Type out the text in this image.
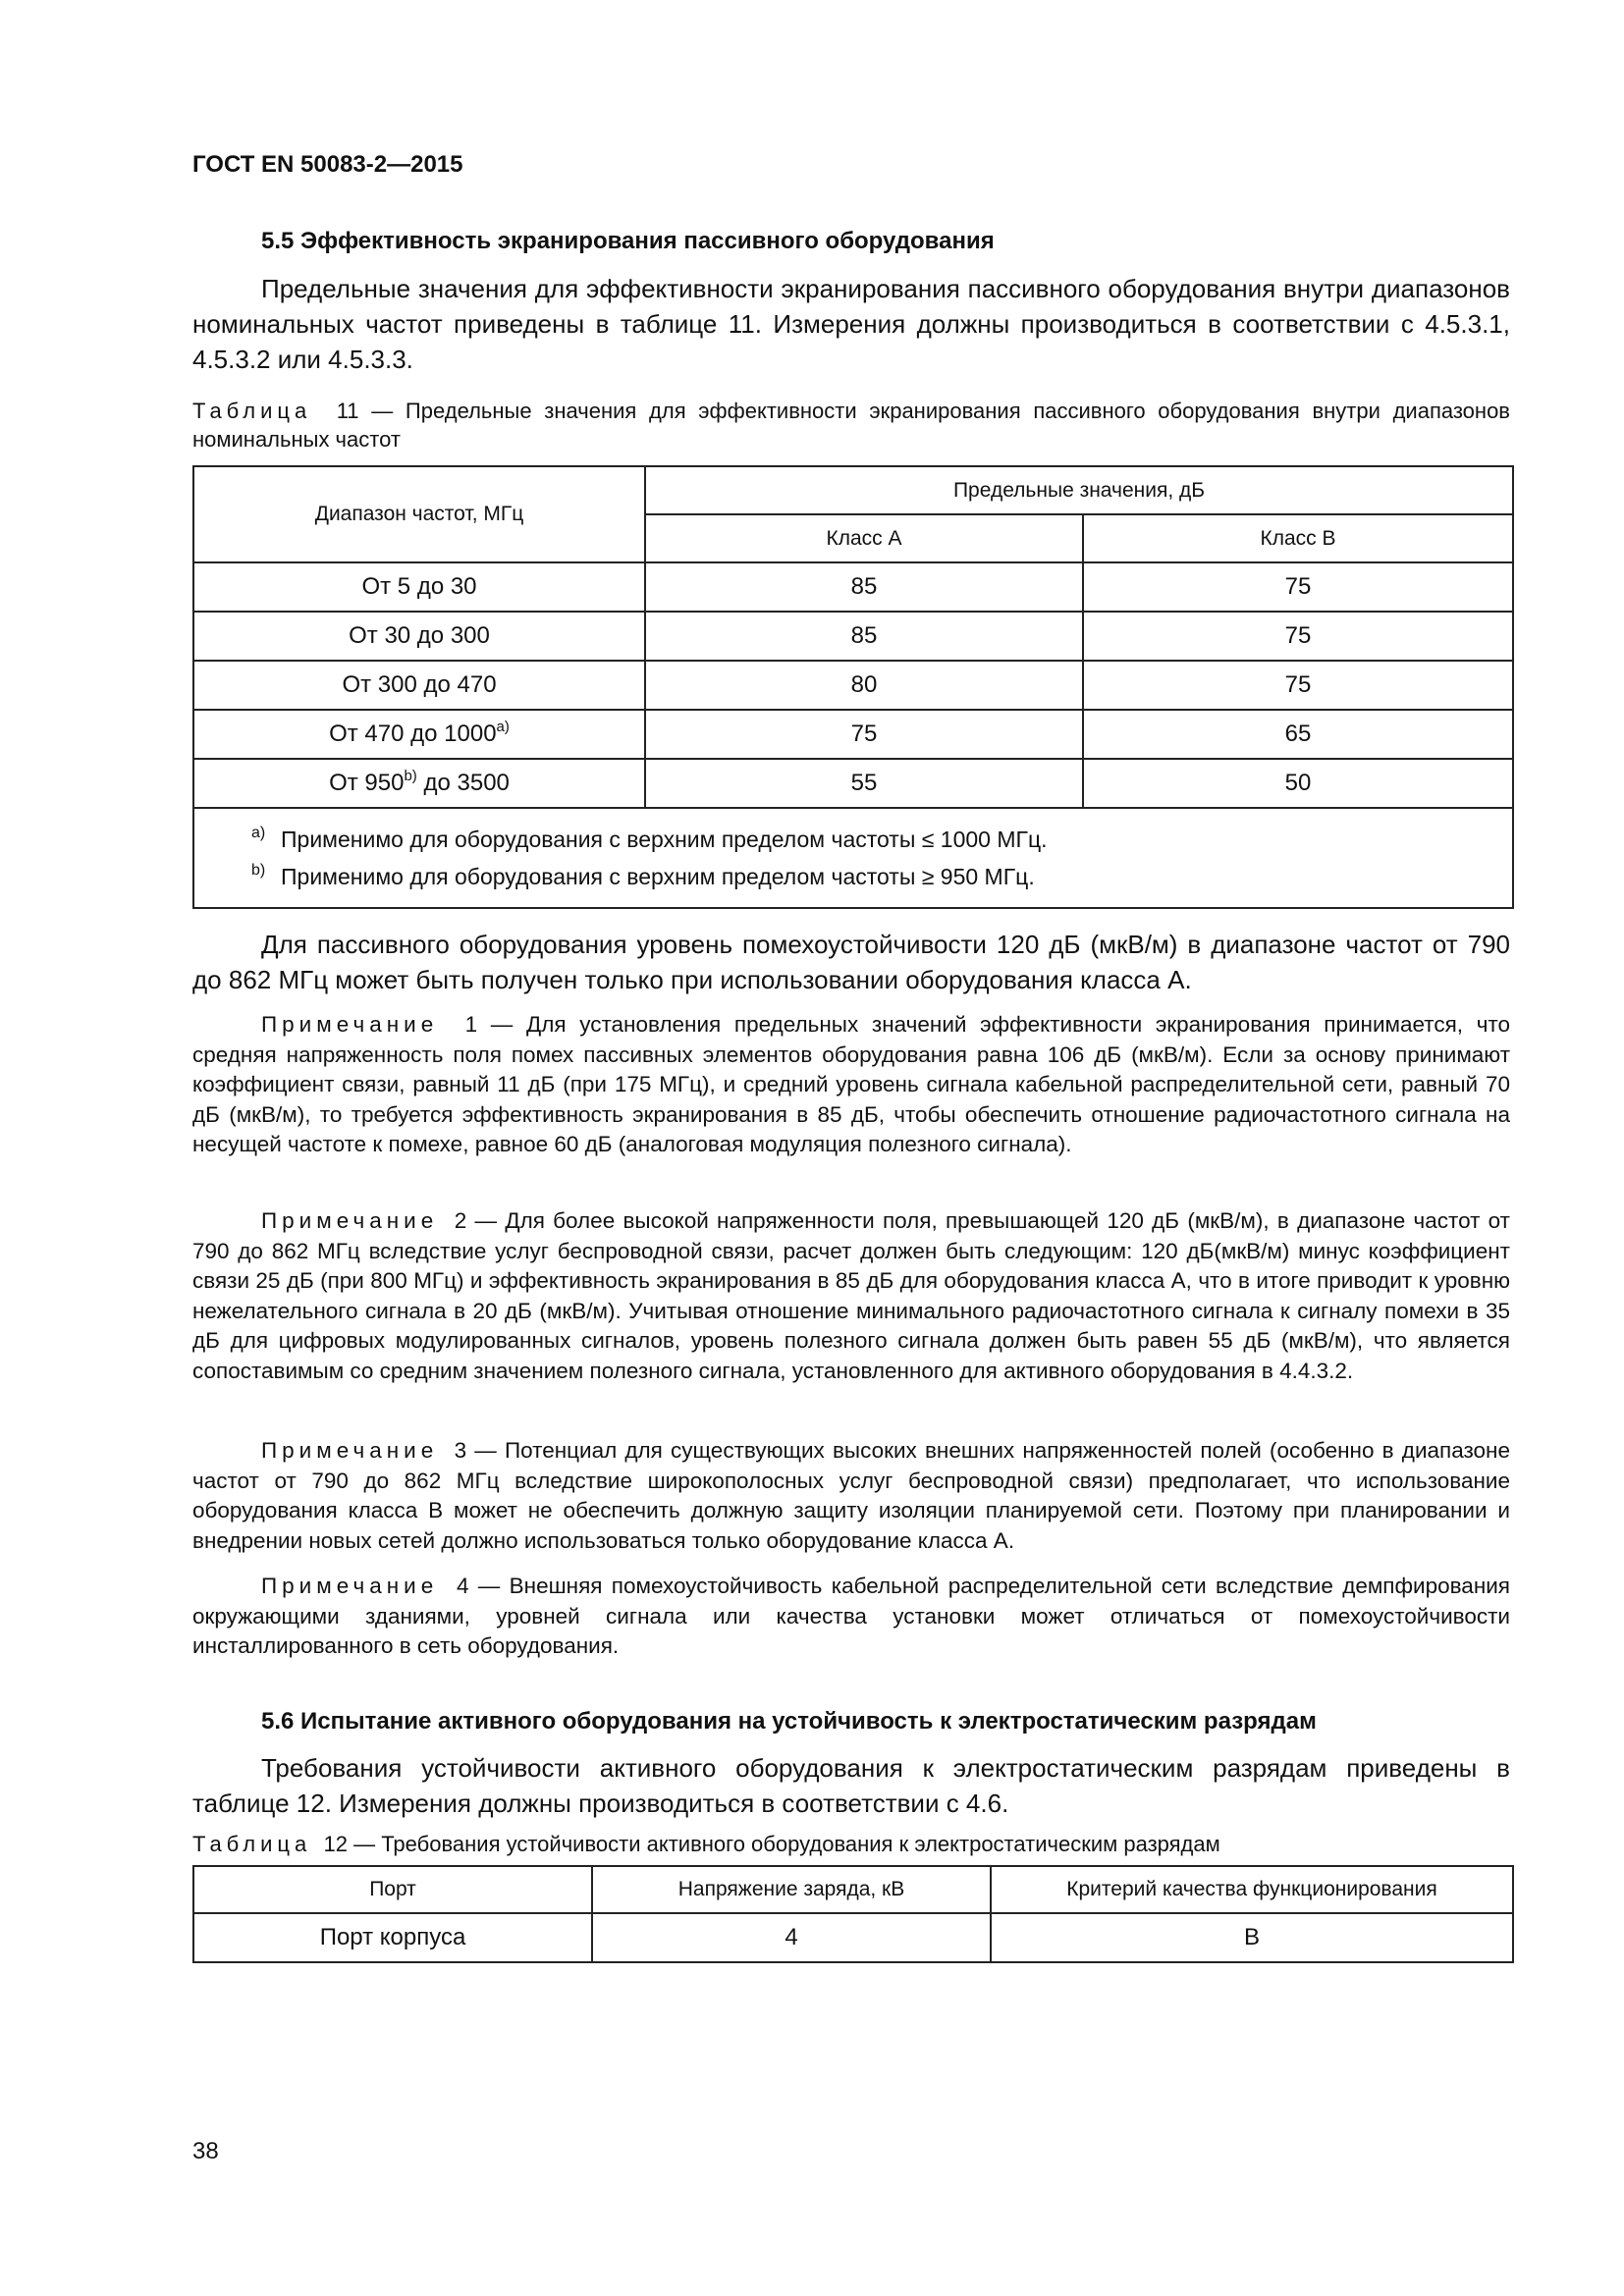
ГОСТ EN 50083-2—2015
5.5 Эффективность экранирования пассивного оборудования

Предельные значения для эффективности экранирования пассивного оборудования внутри диапазонов номинальных частот приведены в таблице 11. Измерения должны производиться в соответствии с 4.5.3.1, 4.5.3.2 или 4.5.3.3.

Таблица 11 — Предельные значения для эффективности экранирования пассивного оборудования внутри диапазонов номинальных частот

Диапазон частот, МГц	Предельные значения, дБ	
	Класс А	Класс В
От 5 до 30	85	75
От 30 до 300	85	75
От 300 до 470	80	75
От 470 до 1000$^{a)}$	75	65
От 950$^{b)}$ до 3500	55	50

a) Применимо для оборудования с верхним пределом частоты ≤ 1000 МГц.
b) Применимо для оборудования с верхним пределом частоты ≥ 950 МГц.		

Для пассивного оборудования уровень помехоустойчивости 120 дБ (мкВ/м) в диапазоне частот от 790 до 862 МГц может быть получен только при использовании оборудования класса А.

Примечание 1 — Для установления предельных значений эффективности экранирования принимается, что средняя напряженность поля помех пассивных элементов оборудования равна 106 дБ (мкВ/м). Если за основу принимают коэффициент связи, равный 11 дБ (при 175 МГц), и средний уровень сигнала кабельной распределительной сети, равный 70 дБ (мкВ/м), то требуется эффективность экранирования в 85 дБ, чтобы обеспечить отношение радиочастотного сигнала на несущей частоте к помехе, равное 60 дБ (аналоговая модуляция полезного сигнала).

Примечание 2 — Для более высокой напряженности поля, превышающей 120 дБ (мкВ/м), в диапазоне частот от 790 до 862 МГц вследствие услуг беспроводной связи, расчет должен быть следующим: 120 дБ(мкВ/м) минус коэффициент связи 25 дБ (при 800 МГц) и эффективность экранирования в 85 дБ для оборудования класса А, что в итоге приводит к уровню нежелательного сигнала в 20 дБ (мкВ/м). Учитывая отношение минимального радиочастотного сигнала к сигналу помехи в 35 дБ для цифровых модулированных сигналов, уровень полезного сигнала должен быть равен 55 дБ (мкВ/м), что является сопоставимым со средним значением полезного сигнала, установленного для активного оборудования в 4.4.3.2.

Примечание 3 — Потенциал для существующих высоких внешних напряженностей полей (особенно в диапазоне частот от 790 до 862 МГц вследствие широкополосных услуг беспроводной связи) предполагает, что использование оборудования класса В может не обеспечить должную защиту изоляции планируемой сети. Поэтому при планировании и внедрении новых сетей должно использоваться только оборудование класса А.

Примечание 4 — Внешняя помехоустойчивость кабельной распределительной сети вследствие демпфирования окружающими зданиями, уровней сигнала или качества установки может отличаться от помехоустойчивости инсталлированного в сеть оборудования.

5.6 Испытание активного оборудования на устойчивость к электростатическим разрядам

Требования устойчивости активного оборудования к электростатическим разрядам приведены в таблице 12. Измерения должны производиться в соответствии с 4.6.

Таблица 12 — Требования устойчивости активного оборудования к электростатическим разрядам

Порт	Напряжение заряда, кВ	Критерий качества функционирования
Порт корпуса	4	В
38
